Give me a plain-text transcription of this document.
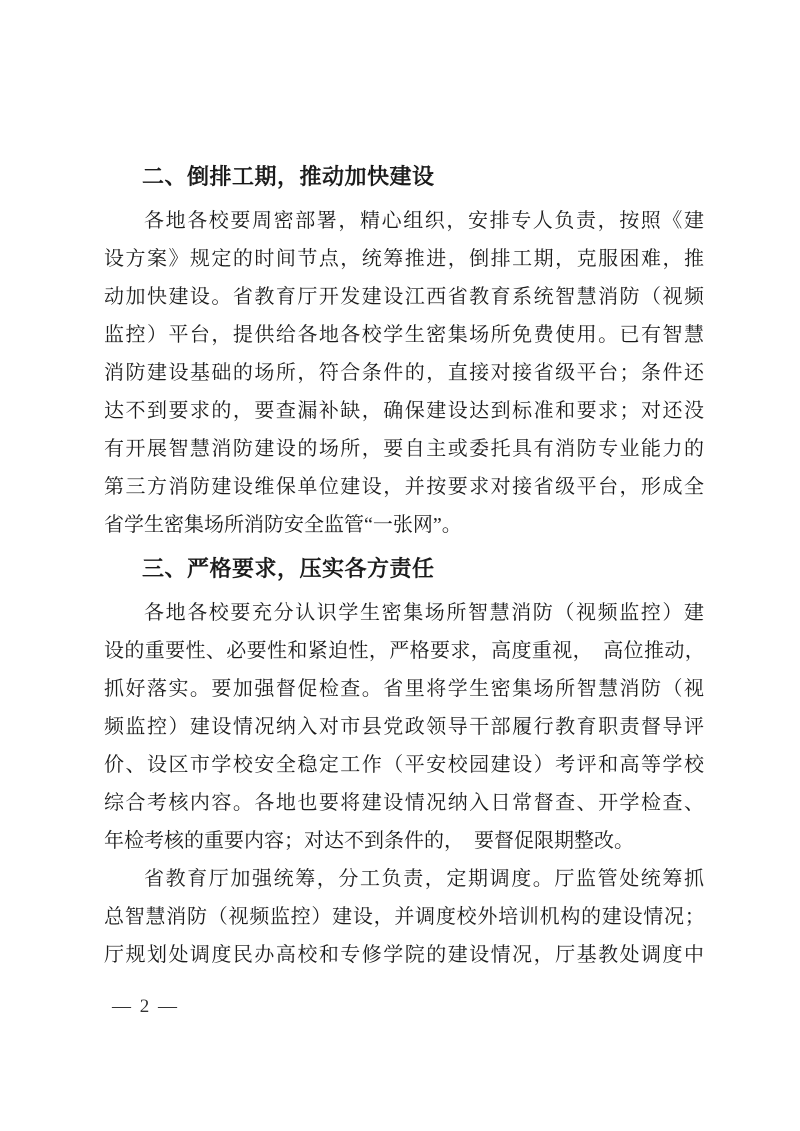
二、倒排工期，推动加快建设
各地各校要周密部署，精心组织，安排专人负责，按照《建
设方案》规定的时间节点，统筹推进，倒排工期，克服困难，推
动加快建设。省教育厅开发建设江西省教育系统智慧消防（视频
监控）平台，提供给各地各校学生密集场所免费使用。已有智慧
消防建设基础的场所，符合条件的，直接对接省级平台；条件还
达不到要求的，要查漏补缺，确保建设达到标准和要求；对还没
有开展智慧消防建设的场所，要自主或委托具有消防专业能力的
第三方消防建设维保单位建设，并按要求对接省级平台，形成全
省学生密集场所消防安全监管“一张网”。
三、严格要求，压实各方责任
各地各校要充分认识学生密集场所智慧消防（视频监控）建
设的重要性、必要性和紧迫性，严格要求，高度重视，　高位推动，
抓好落实。要加强督促检查。省里将学生密集场所智慧消防（视
频监控）建设情况纳入对市县党政领导干部履行教育职责督导评
价、设区市学校安全稳定工作（平安校园建设）考评和高等学校
综合考核内容。各地也要将建设情况纳入日常督查、开学检查、
年检考核的重要内容；对达不到条件的，　要督促限期整改。
省教育厅加强统筹，分工负责，定期调度。厅监管处统筹抓
总智慧消防（视频监控）建设，并调度校外培训机构的建设情况；
厅规划处调度民办高校和专修学院的建设情况，厅基教处调度中
— 2 —
